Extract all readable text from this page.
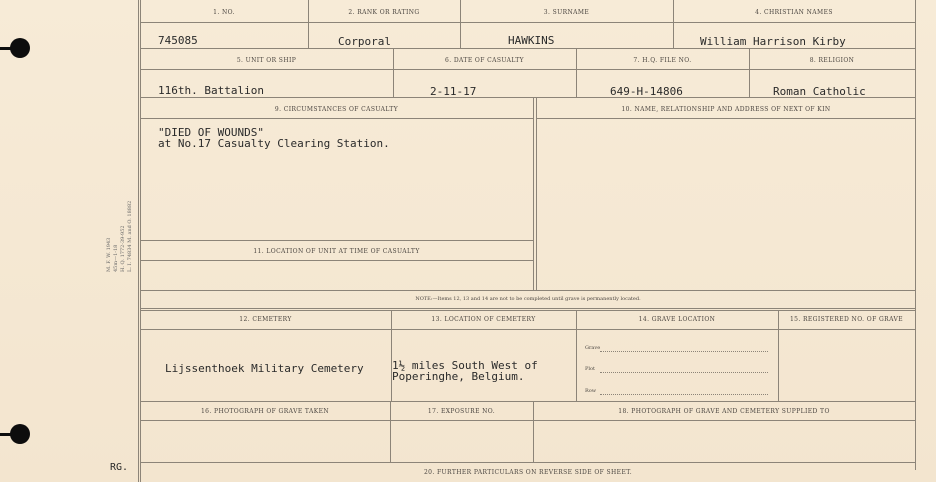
M. F. W. 1943
45m—1-18
H. Q. 1772-39-952
L. I. 74834 M. and O. 18882
1. NO.	2. RANK OR RATING	3. SURNAME	4. CHRISTIAN NAMES
745085	Corporal	HAWKINS	William Harrison Kirby
5. UNIT OR SHIP	6. DATE OF CASUALTY	7. H.Q. FILE NO.	8. RELIGION
116th. Battalion	2-11-17	649-H-14806	Roman Catholic
9. CIRCUMSTANCES OF CASUALTY	10. NAME, RELATIONSHIP AND ADDRESS OF NEXT OF KIN
"DIED OF WOUNDS"
at No.17 Casualty Clearing Station.
11. LOCATION OF UNIT AT TIME OF CASUALTY
NOTE:—Items 12, 13 and 14 are not to be completed until grave is permanently located.
12. CEMETERY	13. LOCATION OF CEMETERY	14. GRAVE LOCATION	15. REGISTERED NO. OF GRAVE
Lijssenthoek Military Cemetery	1½ miles South West of
Poperinghe, Belgium.
Grave
Plot
Row
16. PHOTOGRAPH OF GRAVE TAKEN	17. EXPOSURE NO.	18. PHOTOGRAPH OF GRAVE AND CEMETERY SUPPLIED TO
20. FURTHER PARTICULARS ON REVERSE SIDE OF SHEET.
RG.
